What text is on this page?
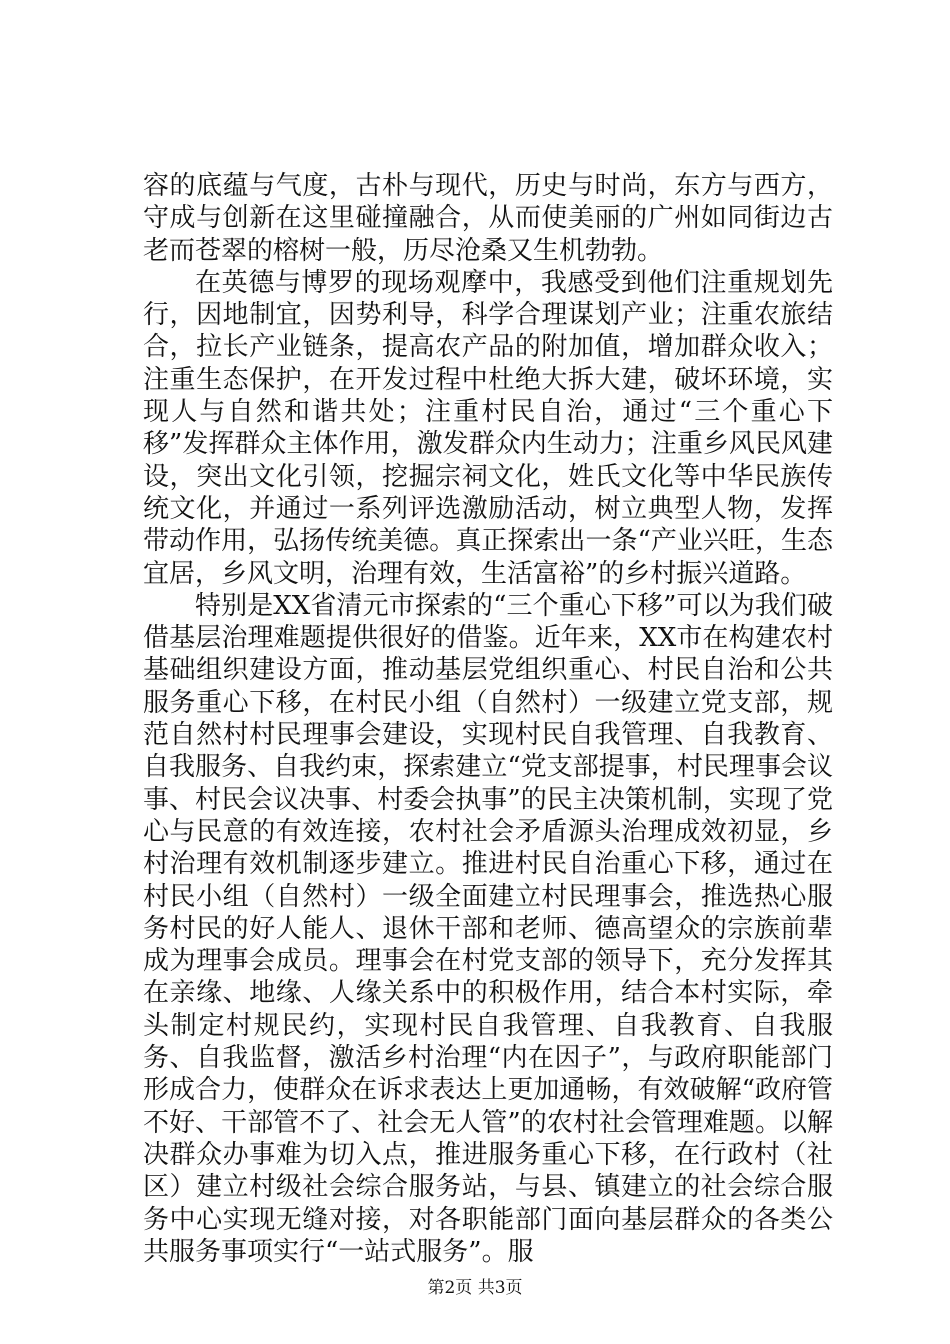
容的底蕴与气度，古朴与现代，历史与时尚，东方与西方，守成与创新在这里碰撞融合，从而使美丽的广州如同街边古老而苍翠的榕树一般，历尽沧桑又生机勃勃。

在英德与博罗的现场观摩中，我感受到他们注重规划先行，因地制宜，因势利导，科学合理谋划产业；注重农旅结合，拉长产业链条，提高农产品的附加值，增加群众收入；注重生态保护，在开发过程中杜绝大拆大建，破坏环境，实现人与自然和谐共处；注重村民自治，通过“三个重心下移”发挥群众主体作用，激发群众内生动力；注重乡风民风建设，突出文化引领，挖掘宗祠文化，姓氏文化等中华民族传统文化，并通过一系列评选激励活动，树立典型人物，发挥带动作用，弘扬传统美德。真正探索出一条“产业兴旺，生态宜居，乡风文明，治理有效，生活富裕”的乡村振兴道路。

特别是XX省清元市探索的“三个重心下移”可以为我们破借基层治理难题提供很好的借鉴。近年来，XX市在构建农村基础组织建设方面，推动基层党组织重心、村民自治和公共服务重心下移，在村民小组（自然村）一级建立党支部，规范自然村村民理事会建设，实现村民自我管理、自我教育、自我服务、自我约束，探索建立“党支部提事，村民理事会议事、村民会议决事、村委会执事”的民主决策机制，实现了党心与民意的有效连接，农村社会矛盾源头治理成效初显，乡村治理有效机制逐步建立。推进村民自治重心下移，通过在村民小组（自然村）一级全面建立村民理事会，推选热心服务村民的好人能人、退休干部和老师、德高望众的宗族前辈成为理事会成员。理事会在村党支部的领导下，充分发挥其在亲缘、地缘、人缘关系中的积极作用，结合本村实际，牵头制定村规民约，实现村民自我管理、自我教育、自我服务、自我监督，激活乡村治理“内在因子”，与政府职能部门形成合力，使群众在诉求表达上更加通畅，有效破解“政府管不好、干部管不了、社会无人管”的农村社会管理难题。以解决群众办事难为切入点，推进服务重心下移，在行政村（社区）建立村级社会综合服务站，与县、镇建立的社会综合服务中心实现无缝对接，对各职能部门面向基层群众的各类公共服务事项实行“一站式服务”。服

第2页 共3页
